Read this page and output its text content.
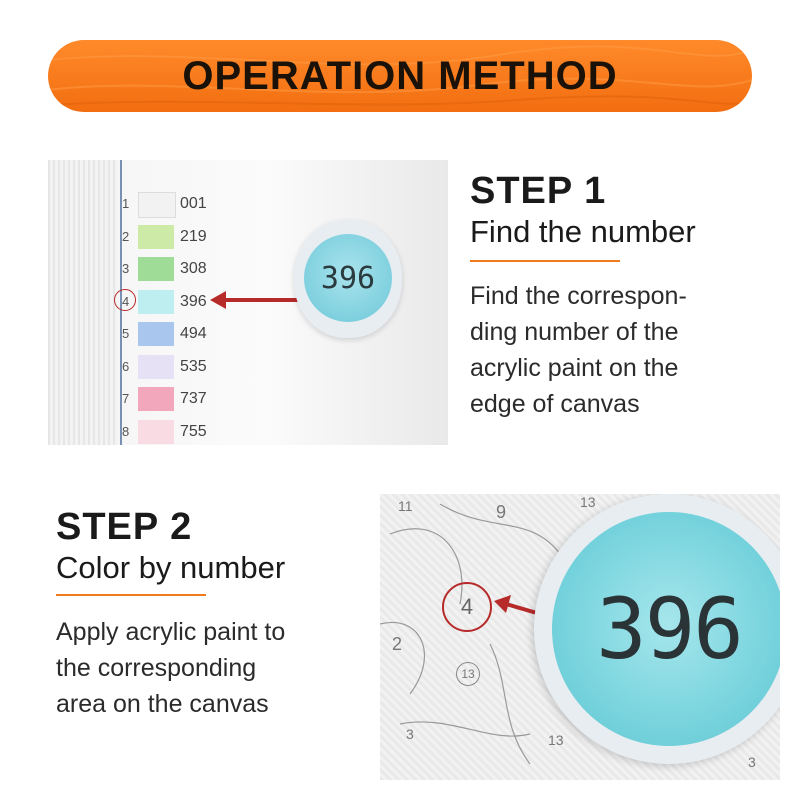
OPERATION METHOD
1	001
2	219
3	308
4	396
5	494
6	535
7	737
8	755
396
STEP 1
Find the number
Find the correspon-
ding number of the
acrylic paint on the
edge of canvas
STEP 2
Color by number
Apply acrylic paint to
the corresponding
area on the canvas
11	9	13
2
13
3	13
3
4 396
